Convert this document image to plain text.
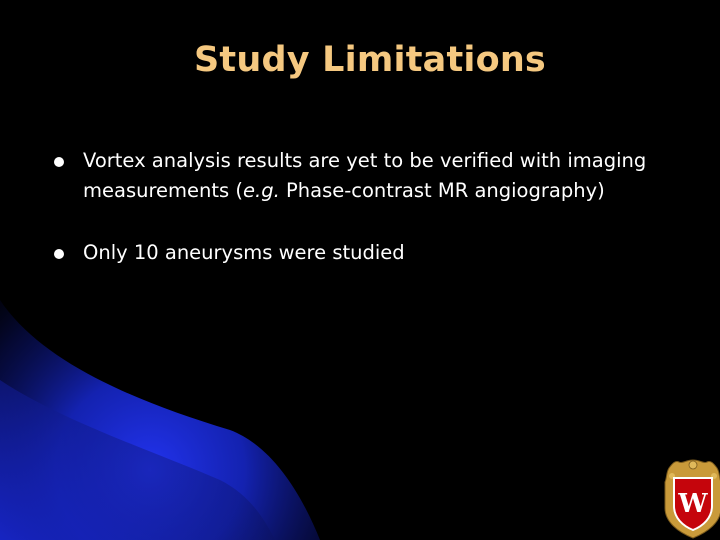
Study Limitations
Vortex analysis results are yet to be verified with imaging measurements (e.g. Phase-contrast MR angiography)
Only 10 aneurysms were studied
W
